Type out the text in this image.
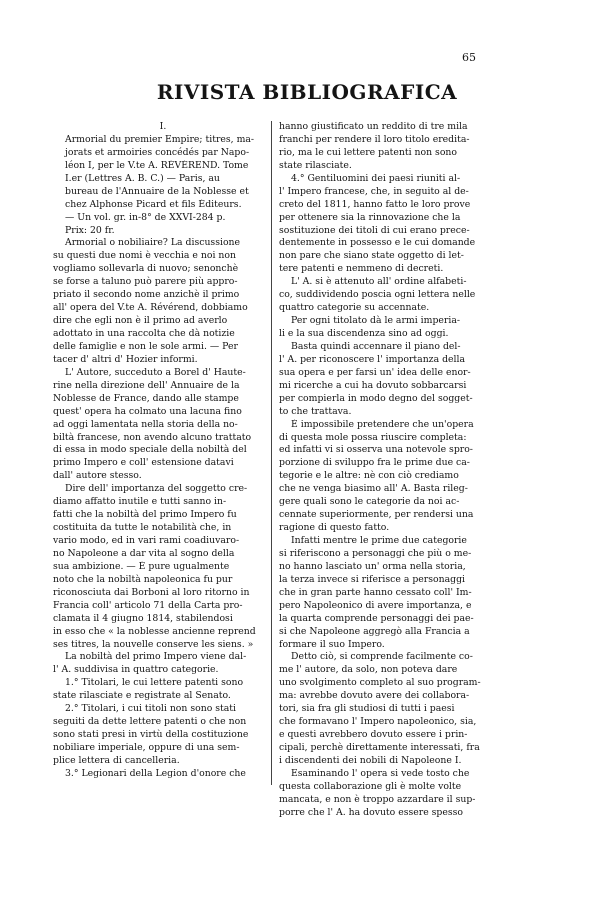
65
RIVISTA BIBLIOGRAFICA
I.
Armorial du premier Empire; titres, ma-
jorats et armoiries concédés par Napo-
léon I, per le V.te A. RÉVÉREND. Tome
I.er (Lettres A. B. C.) — Paris, au
bureau de l'Annuaire de la Noblesse et
chez Alphonse Picard et fils Éditeurs.
— Un vol. gr. in-8° de XXVI-284 p.
Prix: 20 fr.
Armorial o nobiliaire? La discussione
su questi due nomi è vecchia e noi non
vogliamo sollevarla di nuovo; senonchè
se forse a taluno può parere più appro-
priato il secondo nome anzichè il primo
all' opera del V.te A. Révérend, dobbiamo
dire che egli non è il primo ad averlo
adottato in una raccolta che dà notizie
delle famiglie e non le sole armi. — Per
tacer d' altri d' Hozier informi.
L' Autore, succeduto a Borel d' Haute-
rine nella direzione dell' Annuaire de la
Noblesse de France, dando alle stampe
quest' opera ha colmato una lacuna fino
ad oggi lamentata nella storia della no-
biltà francese, non avendo alcuno trattato
di essa in modo speciale della nobiltà del
primo Impero e coll' estensione datavi
dall' autore stesso.
Dire dell' importanza del soggetto cre-
diamo affatto inutile e tutti sanno in-
fatti che la nobiltà del primo Impero fu
costituita da tutte le notabilità che, in
vario modo, ed in vari rami coadiuvaro-
no Napoleone a dar vita al sogno della
sua ambizione. — È pure ugualmente
noto che la nobiltà napoleonica fu pur
riconosciuta dai Borboni al loro ritorno in
Francia coll' articolo 71 della Carta pro-
clamata il 4 giugno 1814, stabilendosi
in esso che « la noblesse ancienne reprend
ses titres, la nouvelle conserve les siens. »
La nobiltà del primo Impero viene dal-
l' A. suddivisa in quattro categorie.
1.° Titolari, le cui lettere patenti sono
state rilasciate e registrate al Senato.
2.° Titolari, i cui titoli non sono stati
seguiti da dette lettere patenti o che non
sono stati presi in virtù della costituzione
nobiliare imperiale, oppure di una sem-
plice lettera di cancelleria.
3.° Legionari della Legion d'onore che
hanno giustificato un reddito di tre mila
franchi per rendere il loro titolo eredita-
rio, ma le cui lettere patenti non sono
state rilasciate.
4.° Gentiluomini dei paesi riuniti al-
l' Impero francese, che, in seguito al de-
creto del 1811, hanno fatto le loro prove
per ottenere sia la rinnovazione che la
sostituzione dei titoli di cui erano prece-
dentemente in possesso e le cui domande
non pare che siano state oggetto di let-
tere patenti e nemmeno di decreti.
L' A. si è attenuto all' ordine alfabeti-
co, suddividendo poscia ogni lettera nelle
quattro categorie su accennate.
Per ogni titolato dà le armi imperia-
li e la sua discendenza sino ad oggi.
Basta quindi accennare il piano del-
l' A. per riconoscere l' importanza della
sua opera e per farsi un' idea delle enor-
mi ricerche a cui ha dovuto sobbarcarsi
per compierla in modo degno del sogget-
to che trattava.
È impossibile pretendere che un'opera
di questa mole possa riuscire completa:
ed infatti vi si osserva una notevole spro-
porzione di sviluppo fra le prime due ca-
tegorie e le altre: nè con ciò crediamo
che ne venga biasimo all' A. Basta rileg-
gere quali sono le categorie da noi ac-
cennate superiormente, per rendersi una
ragione di questo fatto.
Infatti mentre le prime due categorie
si riferiscono a personaggi che più o me-
no hanno lasciato un' orma nella storia,
la terza invece si riferisce a personaggi
che in gran parte hanno cessato coll' Im-
pero Napoleonico di avere importanza, e
la quarta comprende personaggi dei pae-
si che Napoleone aggregò alla Francia a
formare il suo Impero.
Detto ciò, si comprende facilmente co-
me l' autore, da solo, non poteva dare
uno svolgimento completo al suo program-
ma: avrebbe dovuto avere dei collabora-
tori, sia fra gli studiosi di tutti i paesi
che formavano l' Impero napoleonico, sia,
e questi avrebbero dovuto essere i prin-
cipali, perchè direttamente interessati, fra
i discendenti dei nobili di Napoleone I.
Esaminando l' opera si vede tosto che
questa collaborazione gli è molte volte
mancata, e non è troppo azzardare il sup-
porre che l' A. ha dovuto essere spesso
